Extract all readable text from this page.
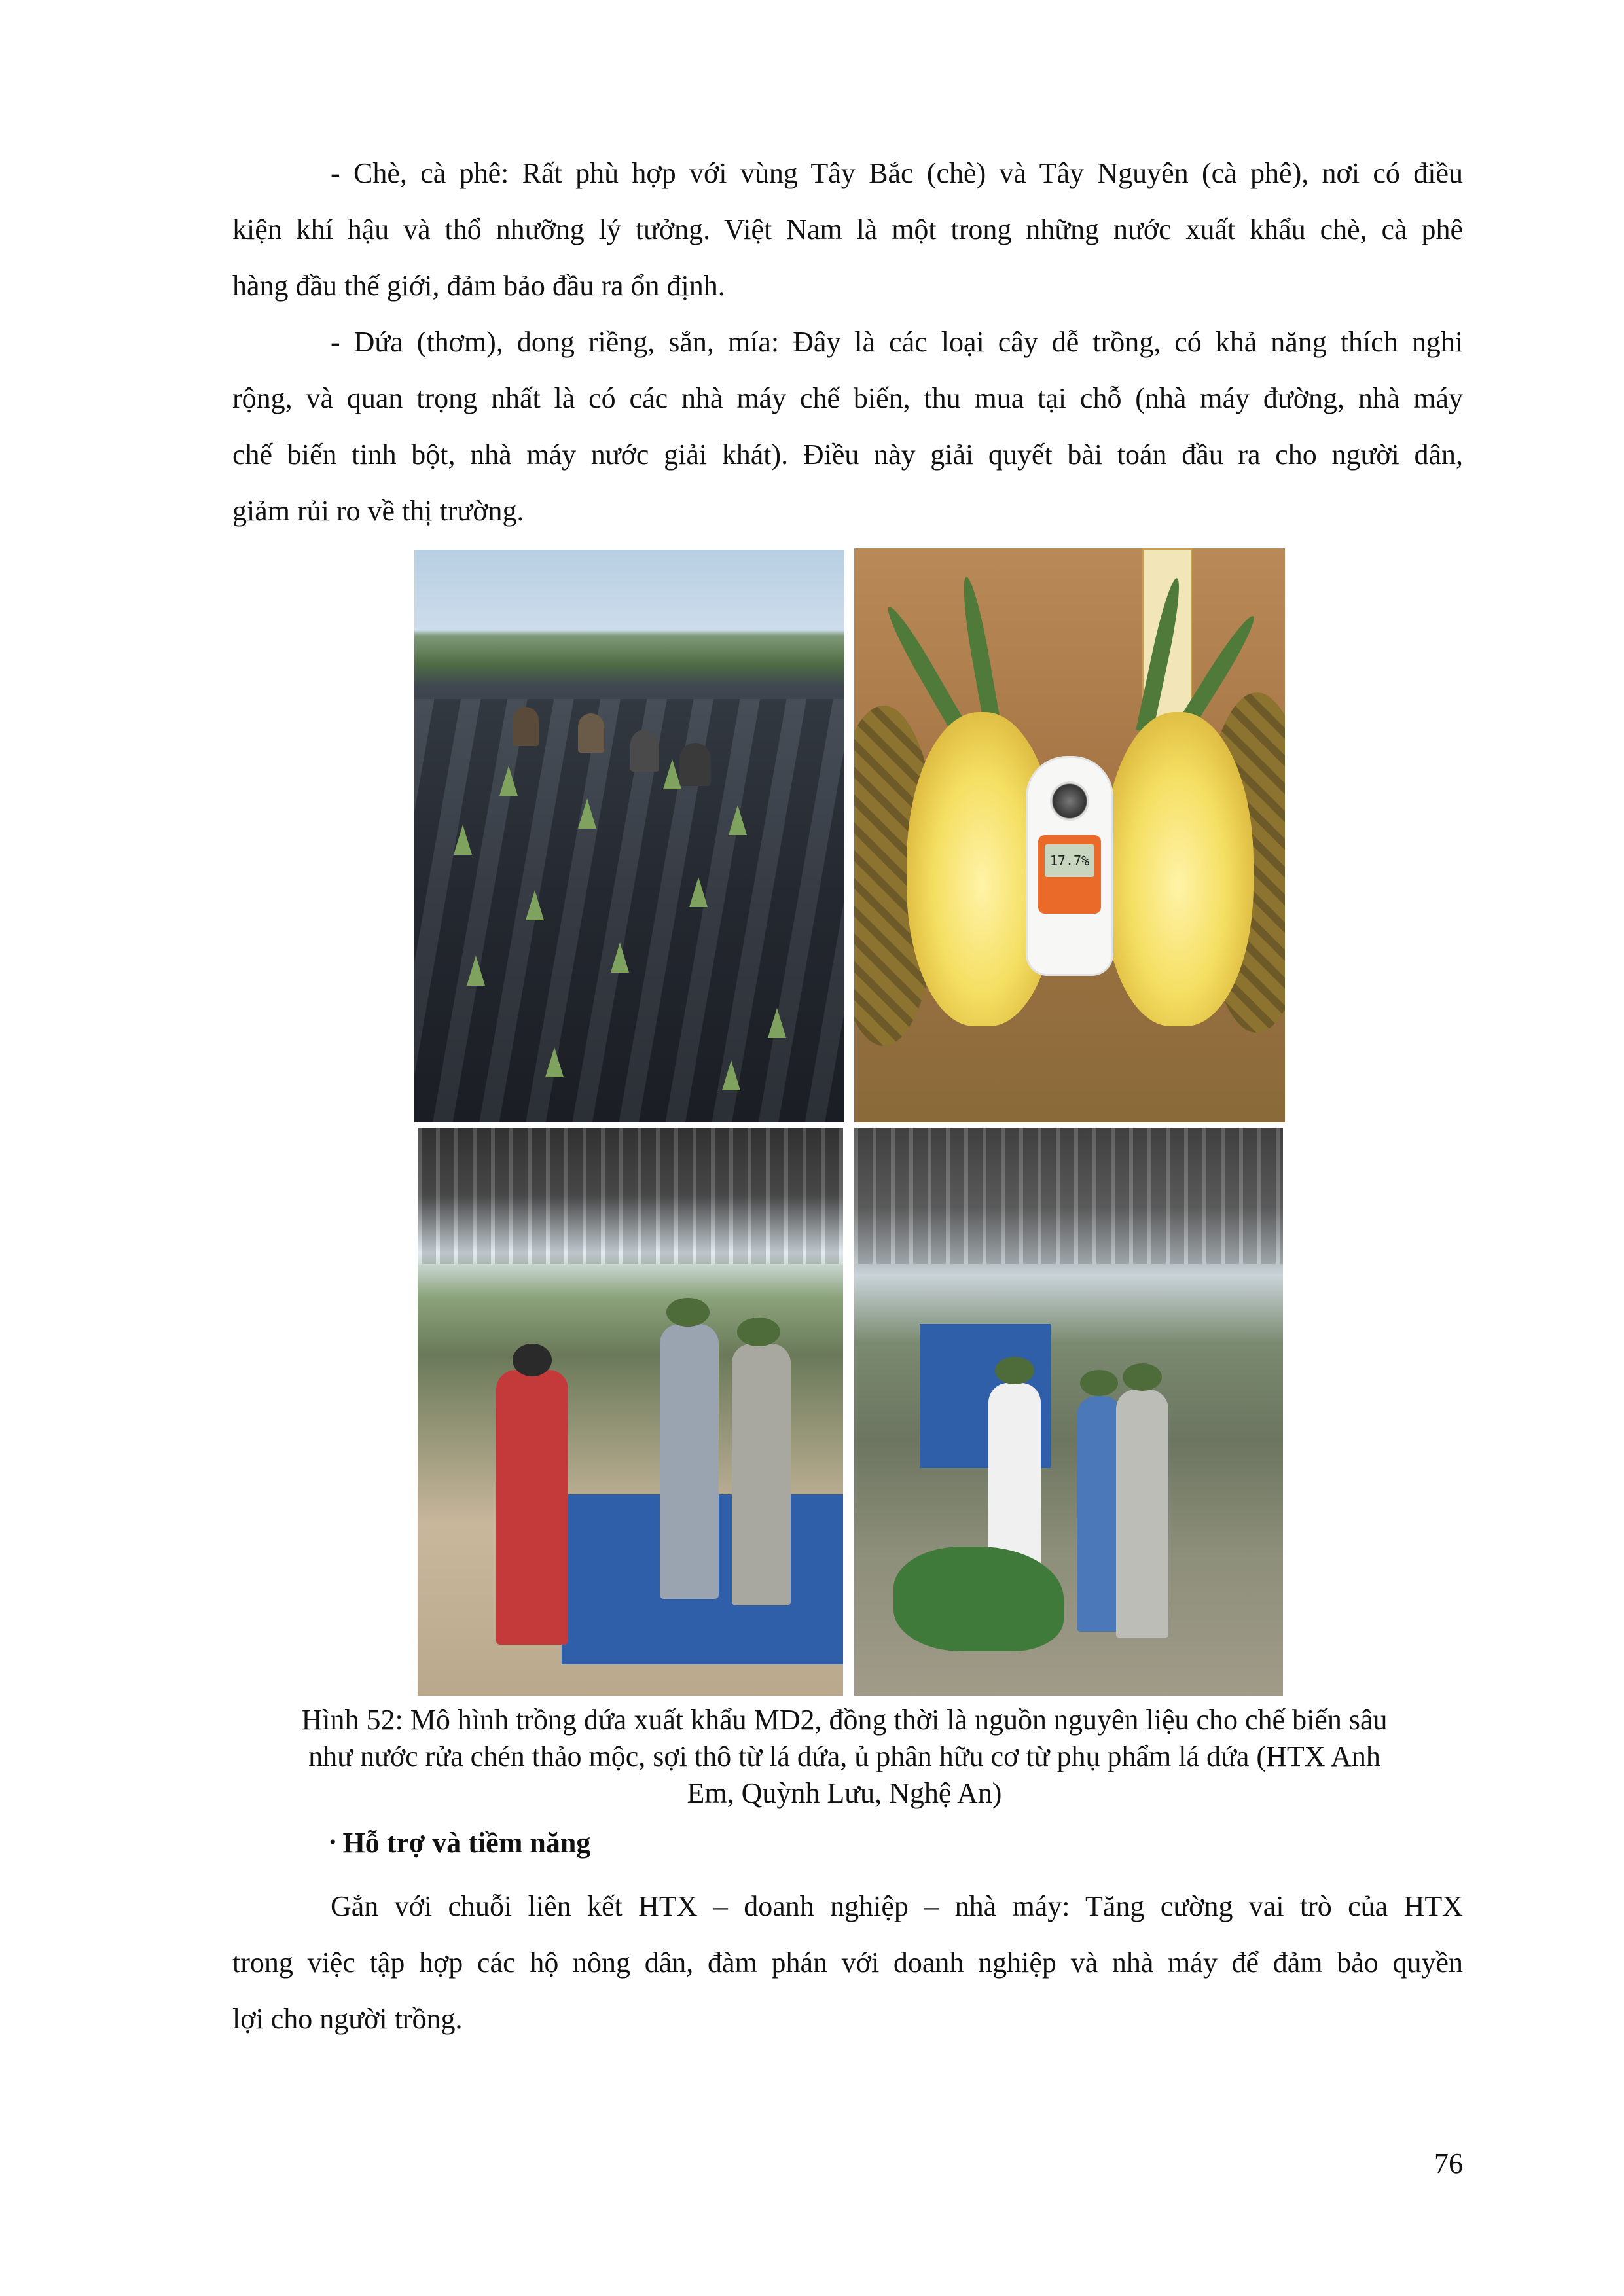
- Chè, cà phê: Rất phù hợp với vùng Tây Bắc (chè) và Tây Nguyên (cà phê), nơi có điều
kiện khí hậu và thổ nhưỡng lý tưởng. Việt Nam là một trong những nước xuất khẩu chè, cà phê
hàng đầu thế giới, đảm bảo đầu ra ổn định.
- Dứa (thơm), dong riềng, sắn, mía: Đây là các loại cây dễ trồng, có khả năng thích nghi
rộng, và quan trọng nhất là có các nhà máy chế biến, thu mua tại chỗ (nhà máy đường, nhà máy
chế biến tinh bột, nhà máy nước giải khát). Điều này giải quyết bài toán đầu ra cho người dân,
giảm rủi ro về thị trường.
17.7%
Hình 52: Mô hình trồng dứa xuất khẩu MD2, đồng thời là nguồn nguyên liệu cho chế biến sâu
như nước rửa chén thảo mộc, sợi thô từ lá dứa, ủ phân hữu cơ từ phụ phẩm lá dứa (HTX Anh
Em, Quỳnh Lưu, Nghệ An)
• Hỗ trợ và tiềm năng
Gắn với chuỗi liên kết HTX – doanh nghiệp – nhà máy: Tăng cường vai trò của HTX
trong việc tập hợp các hộ nông dân, đàm phán với doanh nghiệp và nhà máy để đảm bảo quyền
lợi cho người trồng.
76
